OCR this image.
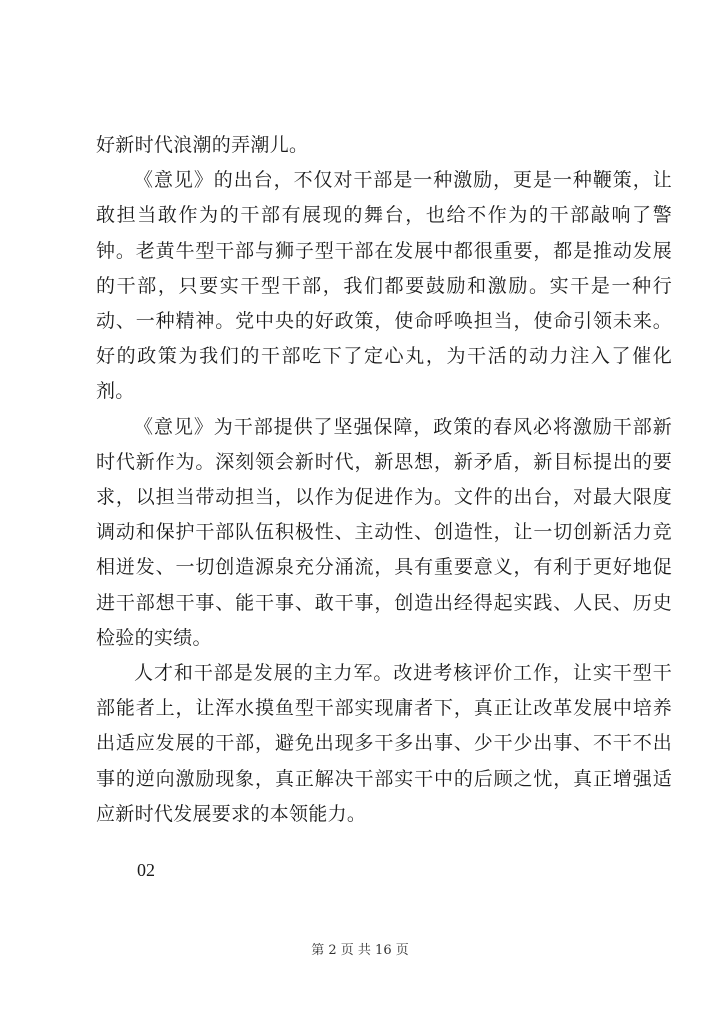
好新时代浪潮的弄潮儿。

《意见》的出台，不仅对干部是一种激励，更是一种鞭策，让敢担当敢作为的干部有展现的舞台，也给不作为的干部敲响了警钟。老黄牛型干部与狮子型干部在发展中都很重要，都是推动发展的干部，只要实干型干部，我们都要鼓励和激励。实干是一种行动、一种精神。党中央的好政策，使命呼唤担当，使命引领未来。好的政策为我们的干部吃下了定心丸，为干活的动力注入了催化剂。

《意见》为干部提供了坚强保障，政策的春风必将激励干部新时代新作为。深刻领会新时代，新思想，新矛盾，新目标提出的要求，以担当带动担当，以作为促进作为。文件的出台，对最大限度调动和保护干部队伍积极性、主动性、创造性，让一切创新活力竞相迸发、一切创造源泉充分涌流，具有重要意义，有利于更好地促进干部想干事、能干事、敢干事，创造出经得起实践、人民、历史检验的实绩。

人才和干部是发展的主力军。改进考核评价工作，让实干型干部能者上，让浑水摸鱼型干部实现庸者下，真正让改革发展中培养出适应发展的干部，避免出现多干多出事、少干少出事、不干不出事的逆向激励现象，真正解决干部实干中的后顾之忧，真正增强适应新时代发展要求的本领能力。

02
第 2 页 共 16 页
